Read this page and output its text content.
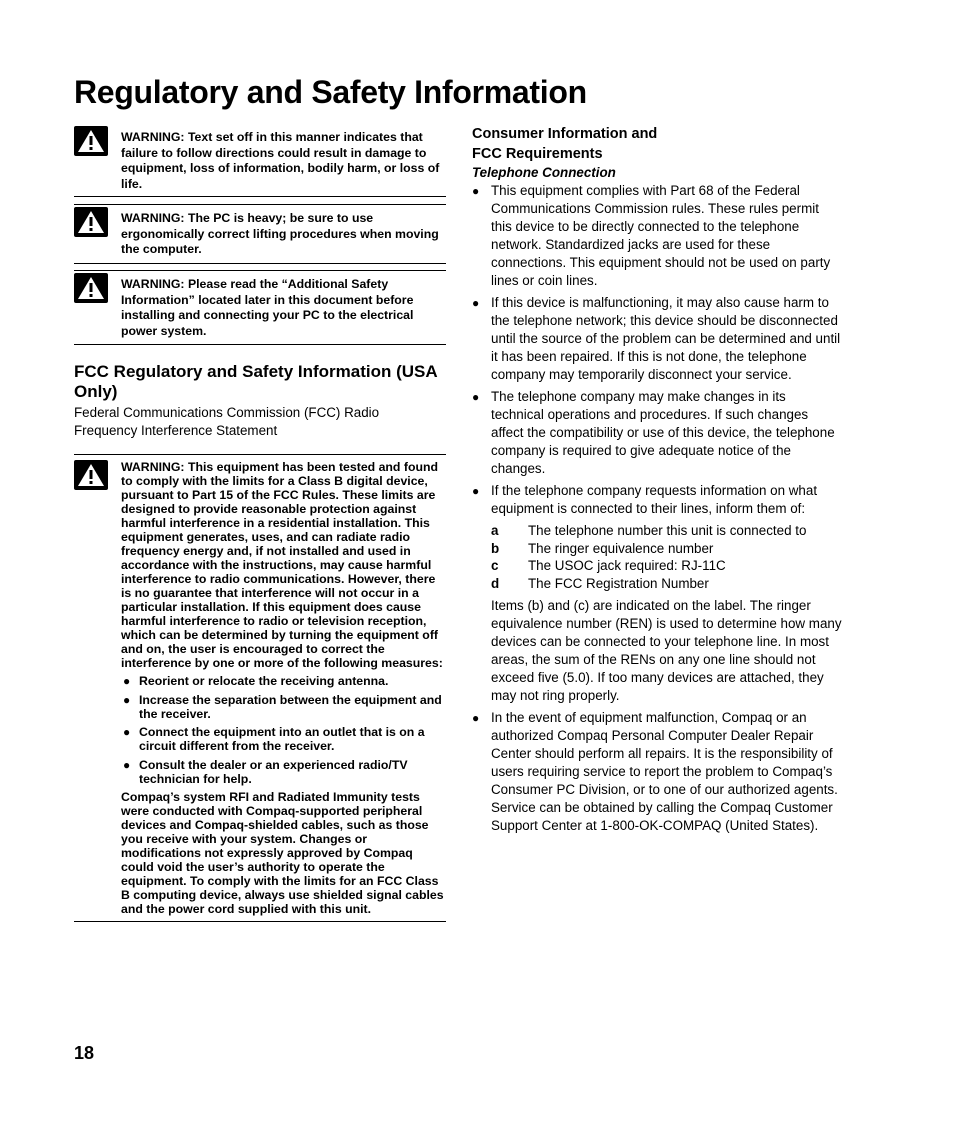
Regulatory and Safety Information
WARNING: Text set off in this manner indicates that failure to follow directions could result in damage to equipment, loss of information, bodily harm, or loss of life.
WARNING: The PC is heavy; be sure to use ergonomically correct lifting procedures when moving the computer.
WARNING: Please read the “Additional Safety Information” located later in this document before installing and connecting your PC to the electrical power system.
FCC Regulatory and Safety Information (USA Only)

Federal Communications Commission (FCC) Radio Frequency Interference Statement

WARNING: This equipment has been tested and found to comply with the limits for a Class B digital device, pursuant to Part 15 of the FCC Rules. These limits are designed to provide reasonable protection against harmful interference in a residential installation. This equipment generates, uses, and can radiate radio frequency energy and, if not installed and used in accordance with the instructions, may cause harmful interference to radio communications. However, there is no guarantee that interference will not occur in a particular installation. If this equipment does cause harmful interference to radio or television reception, which can be determined by turning the equipment off and on, the user is encouraged to correct the interference by one or more of the following measures:

● Reorient or relocate the receiving antenna.
● Increase the separation between the equipment and the receiver.
● Connect the equipment into an outlet that is on a circuit different from the receiver.
● Consult the dealer or an experienced radio/TV technician for help.

Compaq’s system RFI and Radiated Immunity tests were conducted with Compaq-supported peripheral devices and Compaq-shielded cables, such as those you receive with your system. Changes or modifications not expressly approved by Compaq could void the user’s authority to operate the equipment. To comply with the limits for an FCC Class B computing device, always use shielded signal cables and the power cord supplied with this unit.

Consumer Information and
FCC Requirements
Telephone Connection
● This equipment complies with Part 68 of the Federal Communications Commission rules. These rules permit this device to be directly connected to the telephone network. Standardized jacks are used for these connections. This equipment should not be used on party lines or coin lines.
● If this device is malfunctioning, it may also cause harm to the telephone network; this device should be disconnected until the source of the problem can be determined and until it has been repaired. If this is not done, the telephone company may temporarily disconnect your service.
● The telephone company may make changes in its technical operations and procedures. If such changes affect the compatibility or use of this device, the telephone company is required to give adequate notice of the changes.
● If the telephone company requests information on what equipment is connected to their lines, inform them of:
a The telephone number this unit is connected to
b The ringer equivalence number
c The USOC jack required: RJ-11C
d The FCC Registration Number

Items (b) and (c) are indicated on the label. The ringer equivalence number (REN) is used to determine how many devices can be connected to your telephone line. In most areas, the sum of the RENs on any one line should not exceed five (5.0). If too many devices are attached, they may not ring properly.

● In the event of equipment malfunction, Compaq or an authorized Compaq Personal Computer Dealer Repair Center should perform all repairs. It is the responsibility of users requiring service to report the problem to Compaq’s Consumer PC Division, or to one of our authorized agents. Service can be obtained by calling the Compaq Customer Support Center at 1-800-OK-COMPAQ (United States).
18
